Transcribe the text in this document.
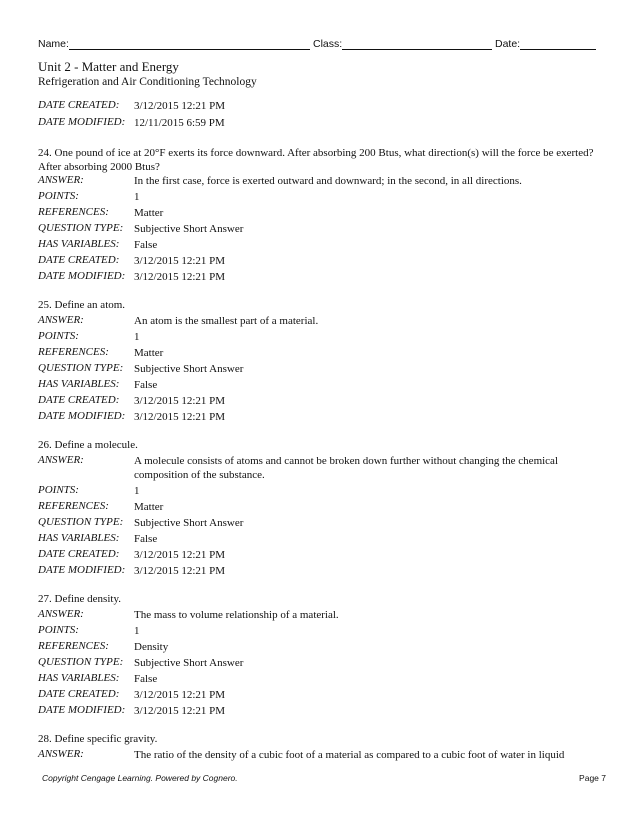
Name:	Class:	Date:
Unit 2 - Matter and Energy
Refrigeration and Air Conditioning Technology
DATE CREATED: 3/12/2015 12:21 PM
DATE MODIFIED: 12/11/2015 6:59 PM
24. One pound of ice at 20°F exerts its force downward. After absorbing 200 Btus, what direction(s) will the force be exerted? After absorbing 2000 Btus?
ANSWER:	In the first case, force is exerted outward and downward; in the second, in all directions.
POINTS:	1
REFERENCES: Matter
QUESTION TYPE: Subjective Short Answer
HAS VARIABLES: False
DATE CREATED: 3/12/2015 12:21 PM
DATE MODIFIED: 3/12/2015 12:21 PM
25. Define an atom.
ANSWER:	An atom is the smallest part of a material.
POINTS:	1
REFERENCES: Matter
QUESTION TYPE: Subjective Short Answer
HAS VARIABLES: False
DATE CREATED: 3/12/2015 12:21 PM
DATE MODIFIED: 3/12/2015 12:21 PM
26. Define a molecule.
ANSWER:	A molecule consists of atoms and cannot be broken down further without changing the chemical composition of the substance.
POINTS:	1
REFERENCES: Matter
QUESTION TYPE: Subjective Short Answer
HAS VARIABLES: False
DATE CREATED: 3/12/2015 12:21 PM
DATE MODIFIED: 3/12/2015 12:21 PM
27. Define density.
ANSWER:	The mass to volume relationship of a material.
POINTS:	1
REFERENCES: Density
QUESTION TYPE: Subjective Short Answer
HAS VARIABLES: False
DATE CREATED: 3/12/2015 12:21 PM
DATE MODIFIED: 3/12/2015 12:21 PM
28. Define specific gravity.
ANSWER:	The ratio of the density of a cubic foot of a material as compared to a cubic foot of water in liquid
Copyright Cengage Learning. Powered by Cognero.	Page 7
